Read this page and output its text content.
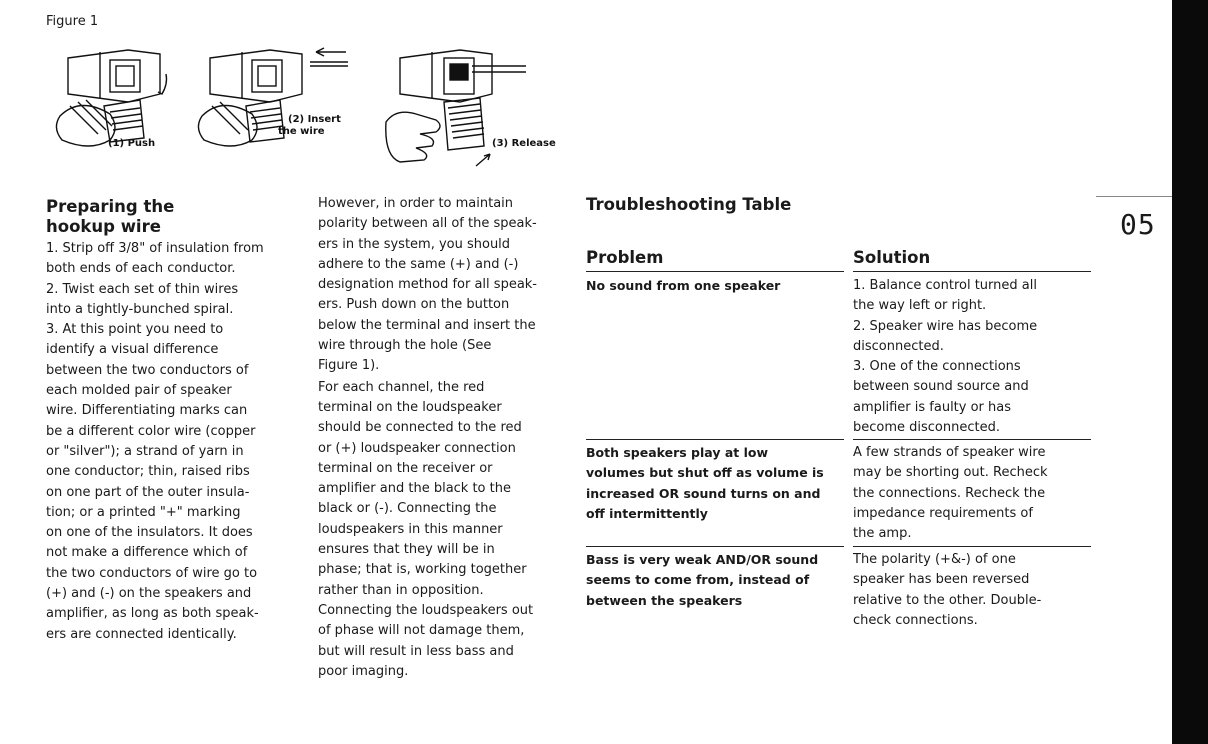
Figure 1
(1) Push
(2) Insert
the wire
(3) Release
Preparing the
hookup wire
1. Strip off 3/8" of insulation from
both ends of each conductor.
2. Twist each set of thin wires
into a tightly-bunched spiral.
3. At this point you need to
identify a visual difference
between the two conductors of
each molded pair of speaker
wire. Differentiating marks can
be a different color wire (copper
or "silver"); a strand of yarn in
one conductor; thin, raised ribs
on one part of the outer insula-
tion; or a printed "+" marking
on one of the insulators. It does
not make a difference which of
the two conductors of wire go to
(+) and (-) on the speakers and
amplifier, as long as both speak-
ers are connected identically.
However, in order to maintain
polarity between all of the speak-
ers in the system, you should
adhere to the same (+) and (-)
designation method for all speak-
ers. Push down on the button
below the terminal and insert the
wire through the hole (See
Figure 1).
For each channel, the red
terminal on the loudspeaker
should be connected to the red
or (+) loudspeaker connection
terminal on the receiver or
amplifier and the black to the
black or (-). Connecting the
loudspeakers in this manner
ensures that they will be in
phase; that is, working together
rather than in opposition.
Connecting the loudspeakers out
of phase will not damage them,
but will result in less bass and
poor imaging.
Troubleshooting Table
Problem	Solution
No sound from one speaker	1. Balance control turned all
the way left or right.
2. Speaker wire has become
disconnected.
3. One of the connections
between sound source and
amplifier is faulty or has
become disconnected.
Both speakers play at low
volumes but shut off as volume is
increased OR sound turns on and
off intermittently
A few strands of speaker wire
may be shorting out. Recheck
the connections. Recheck the
impedance requirements of
the amp.
Bass is very weak AND/OR sound
seems to come from, instead of
between the speakers
The polarity (+&-) of one
speaker has been reversed
relative to the other. Double-
check connections.
05
